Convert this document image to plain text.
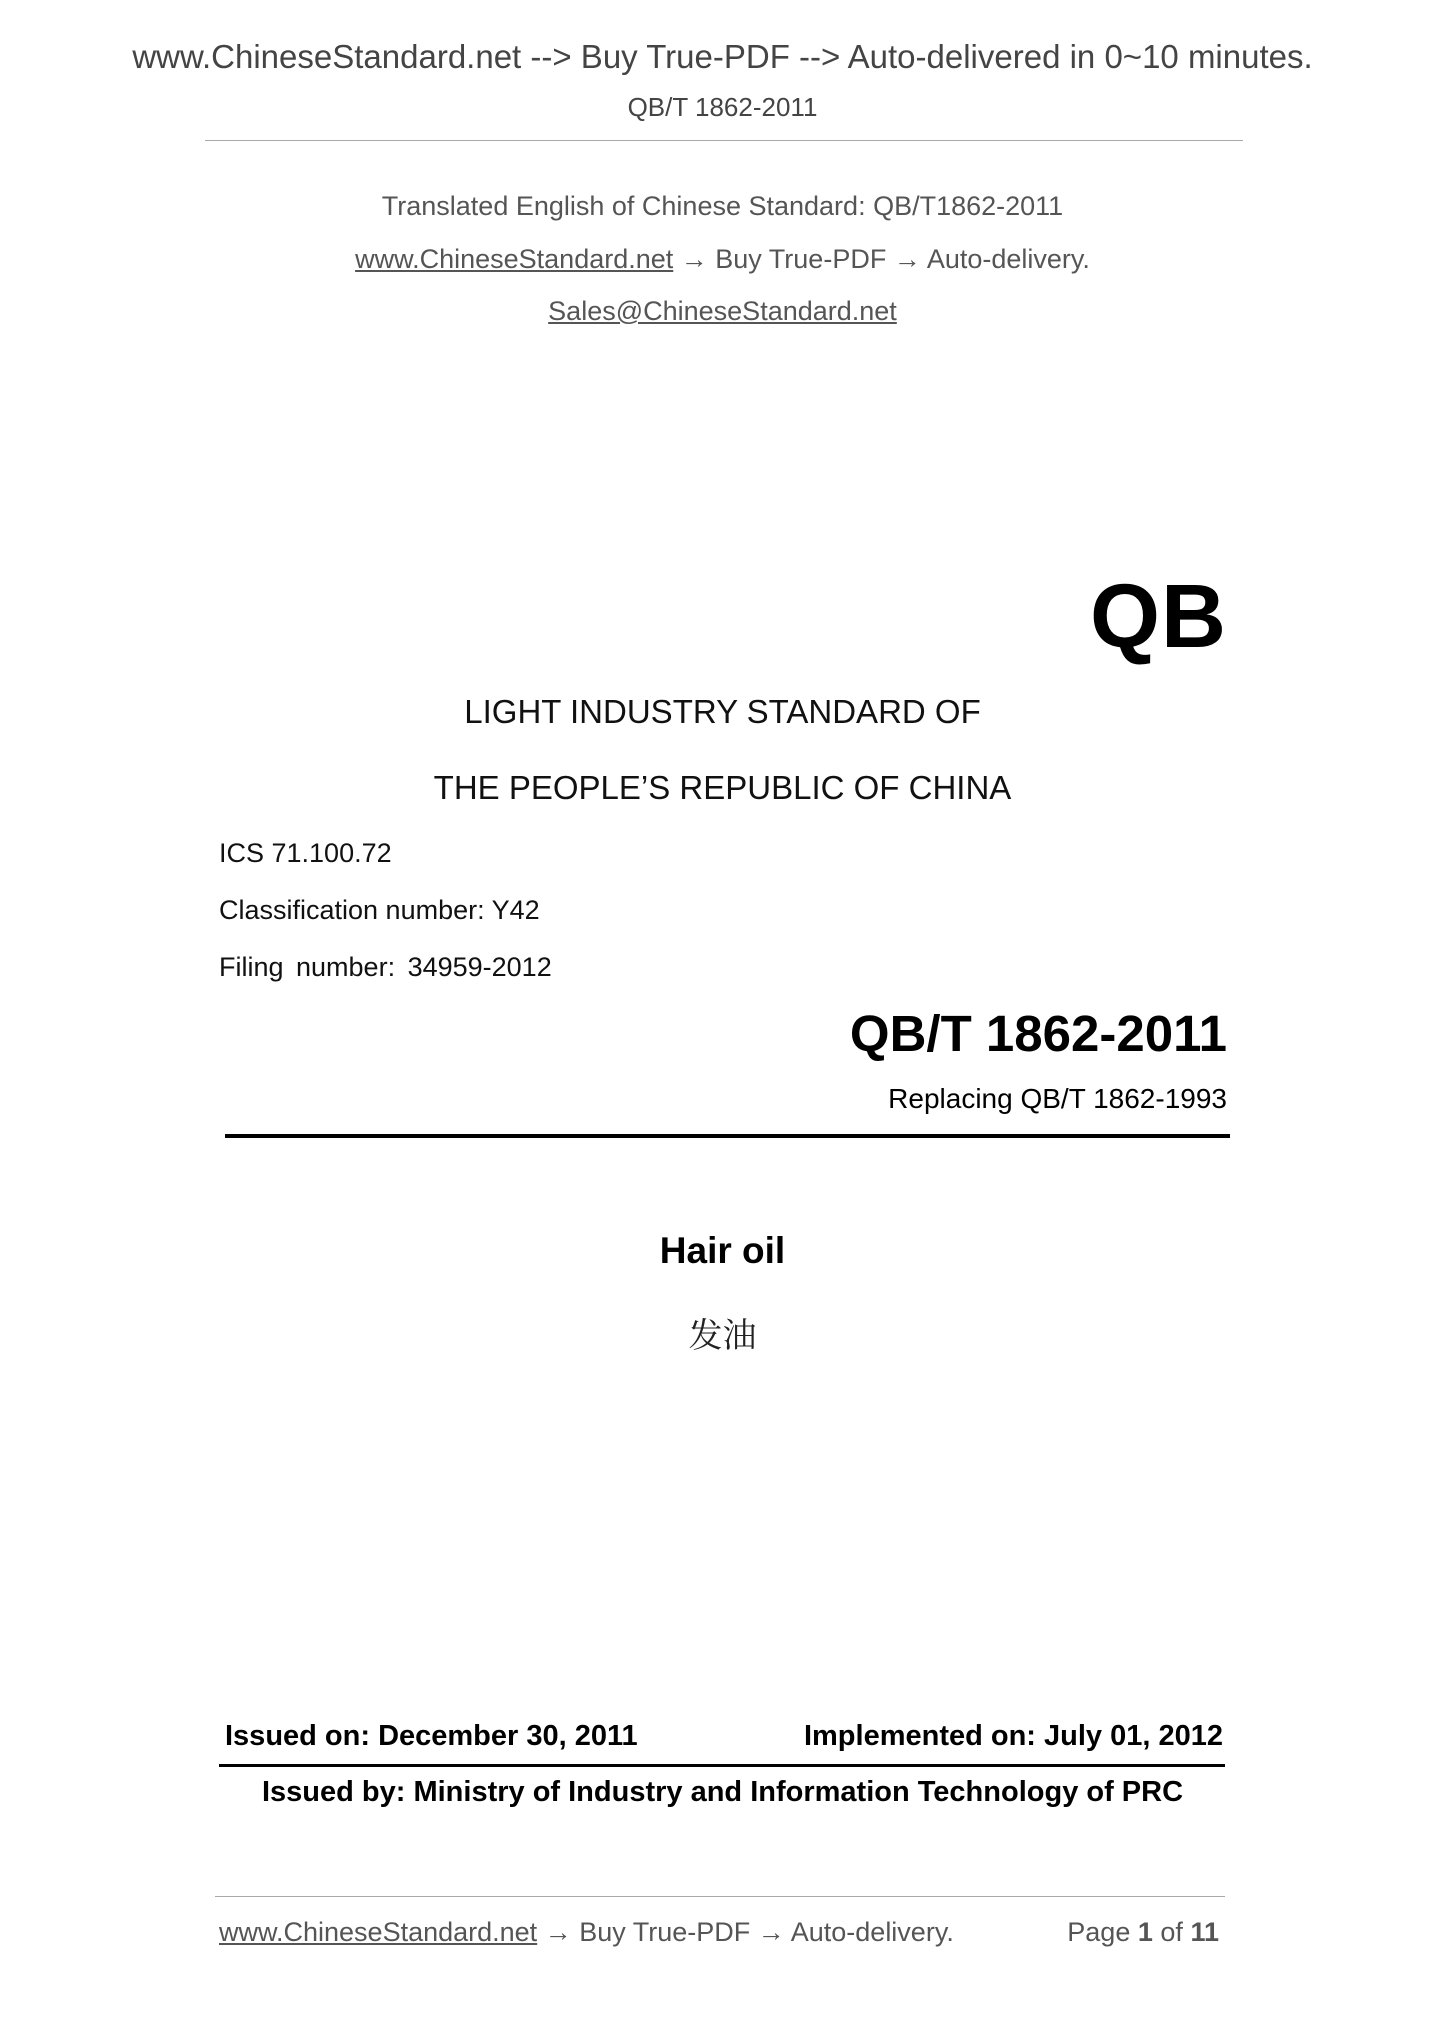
www.ChineseStandard.net --> Buy True-PDF --> Auto-delivered in 0~10 minutes.
QB/T 1862-2011
Translated English of Chinese Standard: QB/T1862-2011
www.ChineseStandard.net → Buy True-PDF → Auto-delivery.
Sales@ChineseStandard.net
QB
LIGHT INDUSTRY STANDARD OF
THE PEOPLE’S REPUBLIC OF CHINA
ICS 71.100.72
Classification number: Y42
Filing number: 34959-2012
QB/T 1862-2011
Replacing QB/T 1862-1993
Hair oil
发油
Issued on: December 30, 2011	Implemented on: July 01, 2012
Issued by: Ministry of Industry and Information Technology of PRC
www.ChineseStandard.net → Buy True-PDF → Auto-delivery.	Page 1 of 11
